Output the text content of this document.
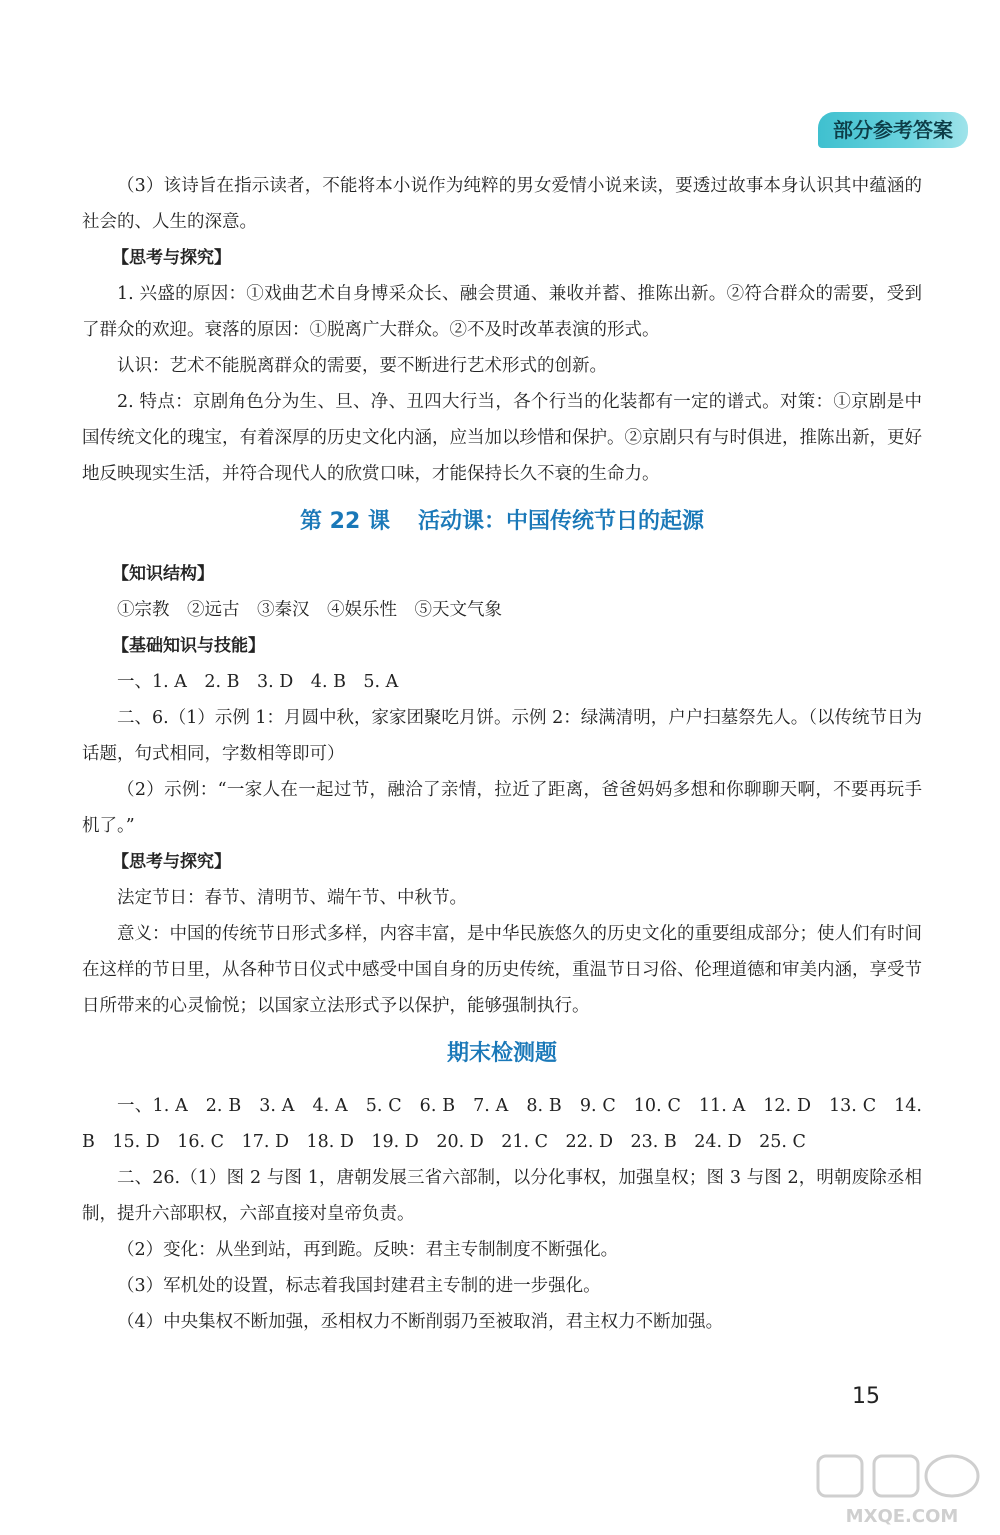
部分参考答案

（3）该诗旨在指示读者，不能将本小说作为纯粹的男女爱情小说来读，要透过故事本身认识其中蕴涵的社会的、人生的深意。

【思考与探究】

1. 兴盛的原因：①戏曲艺术自身博采众长、融会贯通、兼收并蓄、推陈出新。②符合群众的需要，受到了群众的欢迎。衰落的原因：①脱离广大群众。②不及时改革表演的形式。

认识：艺术不能脱离群众的需要，要不断进行艺术形式的创新。

2. 特点：京剧角色分为生、旦、净、丑四大行当，各个行当的化装都有一定的谱式。对策：①京剧是中国传统文化的瑰宝，有着深厚的历史文化内涵，应当加以珍惜和保护。②京剧只有与时俱进，推陈出新，更好地反映现实生活，并符合现代人的欣赏口味，才能保持长久不衰的生命力。

第 22 课 活动课：中国传统节日的起源
【知识结构】

①宗教　②远古　③秦汉　④娱乐性　⑤天文气象

【基础知识与技能】

一、1. A　2. B　3. D　4. B　5. A

二、6.（1）示例 1：月圆中秋，家家团聚吃月饼。示例 2：绿满清明，户户扫墓祭先人。（以传统节日为话题，句式相同，字数相等即可）

（2）示例：“一家人在一起过节，融洽了亲情，拉近了距离，爸爸妈妈多想和你聊聊天啊，不要再玩手机了。”

【思考与探究】

法定节日：春节、清明节、端午节、中秋节。

意义：中国的传统节日形式多样，内容丰富，是中华民族悠久的历史文化的重要组成部分；使人们有时间在这样的节日里，从各种节日仪式中感受中国自身的历史传统，重温节日习俗、伦理道德和审美内涵，享受节日所带来的心灵愉悦；以国家立法形式予以保护，能够强制执行。

期末检测题

一、1. A　2. B　3. A　4. A　5. C　6. B　7. A　8. B　9. C　10. C　11. A　12. D　13. C　14. B　15. D　16. C　17. D　18. D　19. D　20. D　21. C　22. D　23. B　24. D　25. C

二、26.（1）图 2 与图 1，唐朝发展三省六部制，以分化事权，加强皇权；图 3 与图 2，明朝废除丞相制，提升六部职权，六部直接对皇帝负责。

（2）变化：从坐到站，再到跪。反映：君主专制制度不断强化。

（3）军机处的设置，标志着我国封建君主专制的进一步强化。

（4）中央集权不断加强，丞相权力不断削弱乃至被取消，君主权力不断加强。

15
MXQE.COM
